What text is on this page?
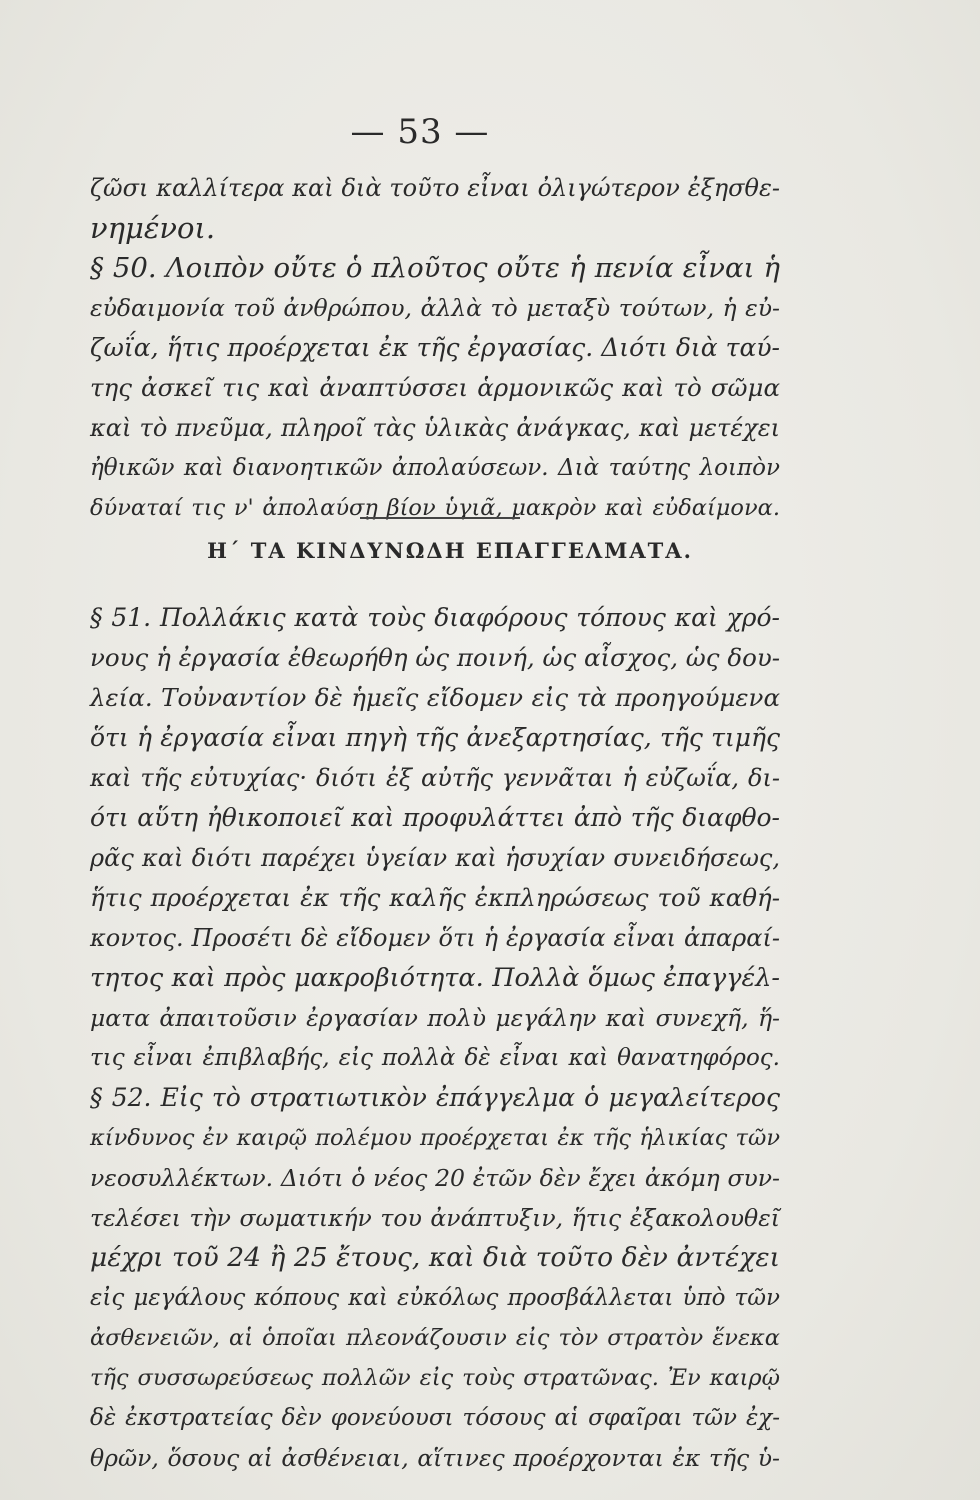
— 53 —
ζῶσι καλλίτερα καὶ διὰ τοῦτο εἶναι ὀλιγώτερον ἐξησθε-
νημένοι.
§ 50. Λοιπὸν οὔτε ὁ πλοῦτος οὔτε ἡ πενία εἶναι ἡ
εὐδαιμονία τοῦ ἀνθρώπου, ἀλλὰ τὸ μεταξὺ τούτων, ἡ εὐ-
ζωΐα, ἥτις προέρχεται ἐκ τῆς ἐργασίας. Διότι διὰ ταύ-
της ἀσκεῖ τις καὶ ἀναπτύσσει ἁρμονικῶς καὶ τὸ σῶμα
καὶ τὸ πνεῦμα, πληροῖ τὰς ὑλικὰς ἀνάγκας, καὶ μετέχει
ἠθικῶν καὶ διανοητικῶν ἀπολαύσεων. Διὰ ταύτης λοιπὸν
δύναταί τις ν' ἀπολαύσῃ βίον ὑγιᾶ, μακρὸν καὶ εὐδαίμονα.
Η΄ ΤΑ ΚΙΝΔΥΝΩΔΗ ΕΠΑΓΓΕΛΜΑΤΑ.
§ 51. Πολλάκις κατὰ τοὺς διαφόρους τόπους καὶ χρό-
νους ἡ ἐργασία ἐθεωρήθη ὡς ποινή, ὡς αἶσχος, ὡς δου-
λεία. Τοὐναντίον δὲ ἡμεῖς εἴδομεν εἰς τὰ προηγούμενα
ὅτι ἡ ἐργασία εἶναι πηγὴ τῆς ἀνεξαρτησίας, τῆς τιμῆς
καὶ τῆς εὐτυχίας· διότι ἐξ αὐτῆς γεννᾶται ἡ εὐζωΐα, δι-
ότι αὕτη ἠθικοποιεῖ καὶ προφυλάττει ἀπὸ τῆς διαφθο-
ρᾶς καὶ διότι παρέχει ὑγείαν καὶ ἡσυχίαν συνειδήσεως,
ἥτις προέρχεται ἐκ τῆς καλῆς ἐκπληρώσεως τοῦ καθή-
κοντος. Προσέτι δὲ εἴδομεν ὅτι ἡ ἐργασία εἶναι ἀπαραί-
τητος καὶ πρὸς μακροβιότητα. Πολλὰ ὅμως ἐπαγγέλ-
ματα ἀπαιτοῦσιν ἐργασίαν πολὺ μεγάλην καὶ συνεχῆ, ἥ-
τις εἶναι ἐπιβλαβής, εἰς πολλὰ δὲ εἶναι καὶ θανατηφόρος.
§ 52. Εἰς τὸ στρατιωτικὸν ἐπάγγελμα ὁ μεγαλείτερος
κίνδυνος ἐν καιρῷ πολέμου προέρχεται ἐκ τῆς ἡλικίας τῶν
νεοσυλλέκτων. Διότι ὁ νέος 20 ἐτῶν δὲν ἔχει ἀκόμη συν-
τελέσει τὴν σωματικήν του ἀνάπτυξιν, ἥτις ἐξακολουθεῖ
μέχρι τοῦ 24 ἢ 25 ἔτους, καὶ διὰ τοῦτο δὲν ἀντέχει
εἰς μεγάλους κόπους καὶ εὐκόλως προσβάλλεται ὑπὸ τῶν
ἀσθενειῶν, αἱ ὁποῖαι πλεονάζουσιν εἰς τὸν στρατὸν ἕνεκα
τῆς συσσωρεύσεως πολλῶν εἰς τοὺς στρατῶνας. Ἐν καιρῷ
δὲ ἐκστρατείας δὲν φονεύουσι τόσους αἱ σφαῖραι τῶν ἐχ-
θρῶν, ὅσους αἱ ἀσθένειαι, αἵτινες προέρχονται ἐκ τῆς ὑ-
